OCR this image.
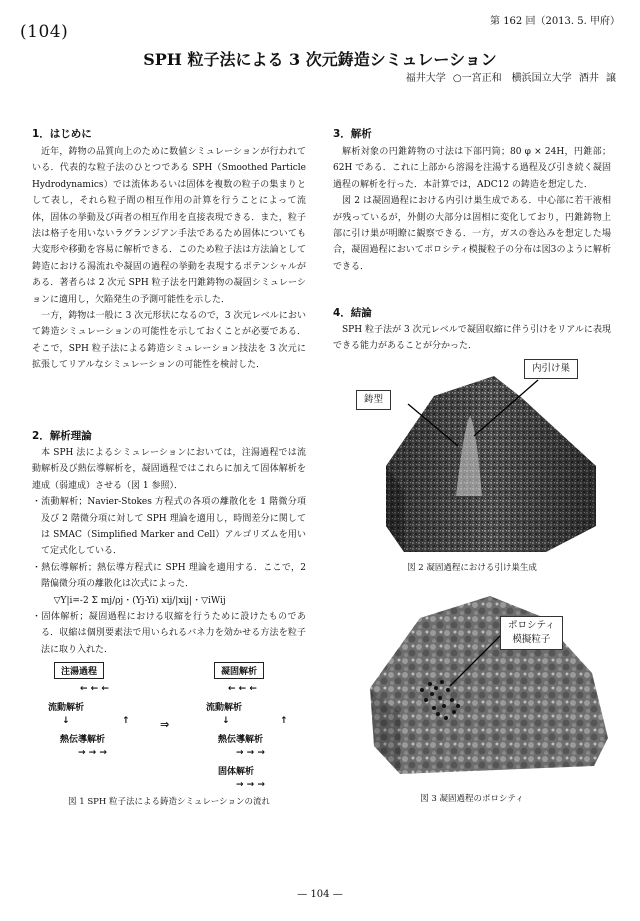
(104)
第 162 回（2013. 5. 甲府）
SPH 粒子法による 3 次元鋳造シミュレーション
福井大学 ○一宮正和　横浜国立大学 酒井 譲
1．はじめに

近年，鋳物の品質向上のために数値シミュレーションが行われている．代表的な粒子法のひとつである SPH（Smoothed Particle Hydrodynamics）では流体あるいは固体を複数の粒子の集まりとして表し，それら粒子間の相互作用の計算を行うことによって流体，固体の挙動及び両者の相互作用を直接表現できる．また，粒子法は格子を用いないラグランジアン手法であるため固体についても大変形や移動を容易に解析できる．このため粒子法は方法論として鋳造における湯流れや凝固の過程の挙動を表現するポテンシャルがある．著者らは 2 次元 SPH 粒子法を円錐鋳物の凝固シミュレーションに適用し，欠陥発生の予測可能性を示した．

一方，鋳物は一般に 3 次元形状になるので，3 次元レベルにおいて鋳造シミュレーションの可能性を示しておくことが必要である．そこで，SPH 粒子法による鋳造シミュレーション技法を 3 次元に拡張してリアルなシミュレーションの可能性を検討した．

2．解析理論

本 SPH 法によるシミュレーションにおいては，注湯過程では流動解析及び熱伝導解析を，凝固過程ではこれらに加えて固体解析を連成（弱連成）させる（図 1 参照）．

・流動解析；Navier-Stokes 方程式の各項の離散化を 1 階微分項及び 2 階微分項に対して SPH 理論を適用し，時間差分に関しては SMAC（Simplified Marker and Cell）アルゴリズムを用いて定式化している．

・熱伝導解析；熱伝導方程式に SPH 理論を適用する．ここで，2 階偏微分項の離散化は次式によった．

▽Y|i=-2 Σ mj/ρj・(Yj-Yi) xij/|xij|・▽iWij

・固体解析；凝固過程における収縮を行うために設けたものである．収縮は個別要素法で用いられるバネ力を効かせる方法を粒子法に取り入れた．

注湯過程	凝固解析
← ← ←	← ← ←
流動解析	流動解析
↓	↑	↓	↑
⇒
熱伝導解析	熱伝導解析
→ → →	→ → →
固体解析
→ → →
図 1 SPH 粒子法による鋳造シミュレーションの流れ
3．解析

解析対象の円錐鋳物の寸法は下部円筒；80 φ × 24H，円錐部；62H である．これに上部から溶湯を注湯する過程及び引き続く凝固過程の解析を行った．本計算では，ADC12 の鋳造を想定した．

図 2 は凝固過程における内引け巣生成である．中心部に若干液相が残っているが，外側の大部分は固相に変化しており，円錐鋳物上部に引け巣が明瞭に観察できる．一方，ガスの巻込みを想定した場合，凝固過程においてポロシティ模擬粒子の分布は図3のように解析できる．

4．結論

SPH 粒子法が 3 次元レベルで凝固収縮に伴う引けをリアルに表現できる能力があることが分かった．

内引け巣
鋳型
図 2 凝固過程における引け巣生成
ポロシティ
模擬粒子
図 3 凝固過程のポロシティ
— 104 —
